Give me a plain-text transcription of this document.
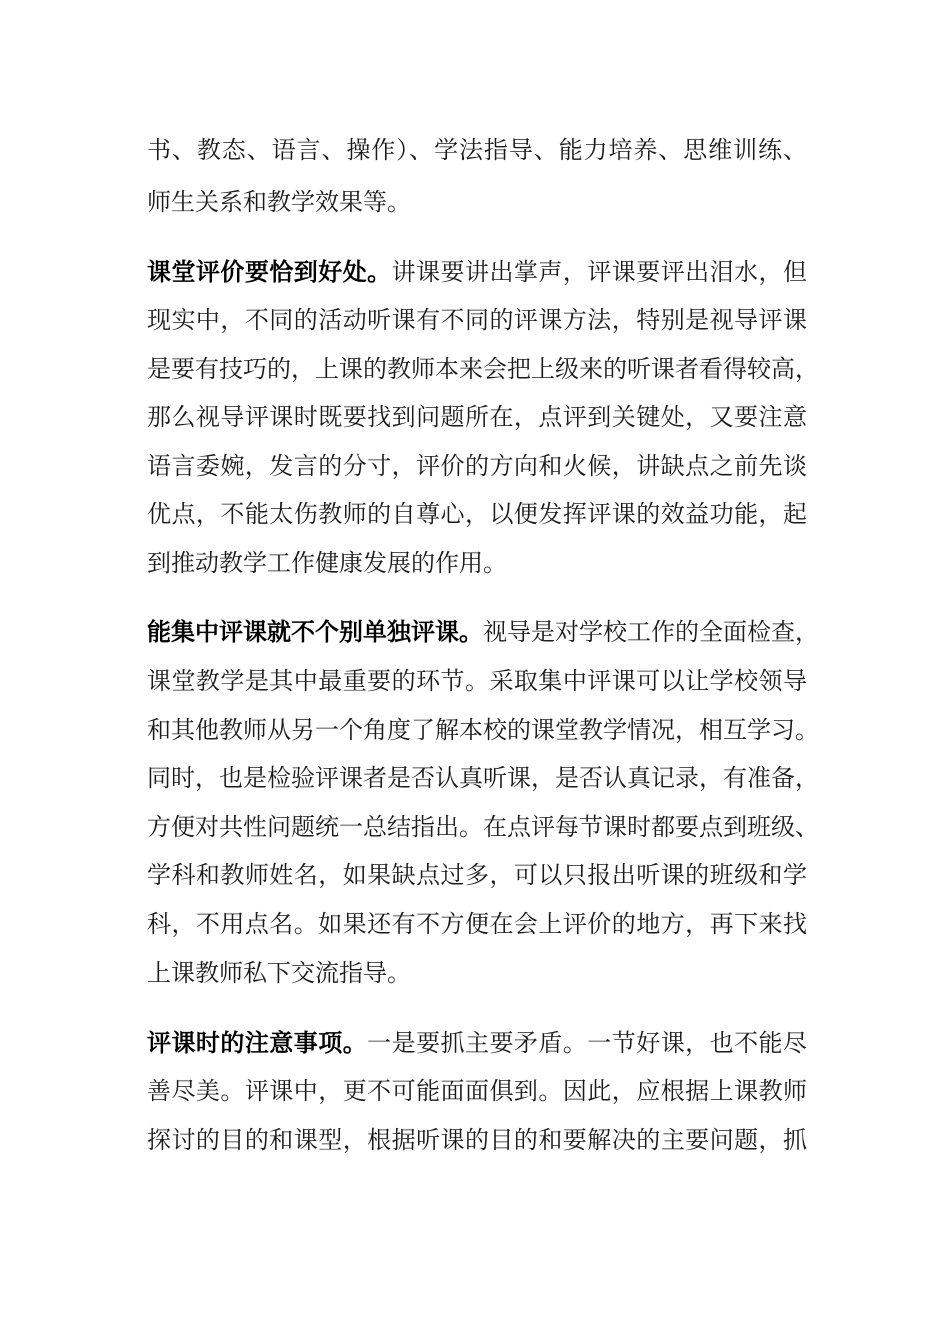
书、教态、语言、操作）、学法指导、能力培养、思维训练、
师生关系和教学效果等。
课堂评价要恰到好处。讲课要讲出掌声，评课要评出泪水，但
现实中，不同的活动听课有不同的评课方法，特别是视导评课
是要有技巧的，上课的教师本来会把上级来的听课者看得较高，
那么视导评课时既要找到问题所在，点评到关键处，又要注意
语言委婉，发言的分寸，评价的方向和火候，讲缺点之前先谈
优点，不能太伤教师的自尊心，以便发挥评课的效益功能，起
到推动教学工作健康发展的作用。
能集中评课就不个别单独评课。视导是对学校工作的全面检查，
课堂教学是其中最重要的环节。采取集中评课可以让学校领导
和其他教师从另一个角度了解本校的课堂教学情况，相互学习。
同时，也是检验评课者是否认真听课，是否认真记录，有准备，
方便对共性问题统一总结指出。在点评每节课时都要点到班级、
学科和教师姓名，如果缺点过多，可以只报出听课的班级和学
科，不用点名。如果还有不方便在会上评价的地方，再下来找
上课教师私下交流指导。
评课时的注意事项。一是要抓主要矛盾。一节好课，也不能尽
善尽美。评课中，更不可能面面俱到。因此，应根据上课教师
探讨的目的和课型，根据听课的目的和要解决的主要问题，抓
